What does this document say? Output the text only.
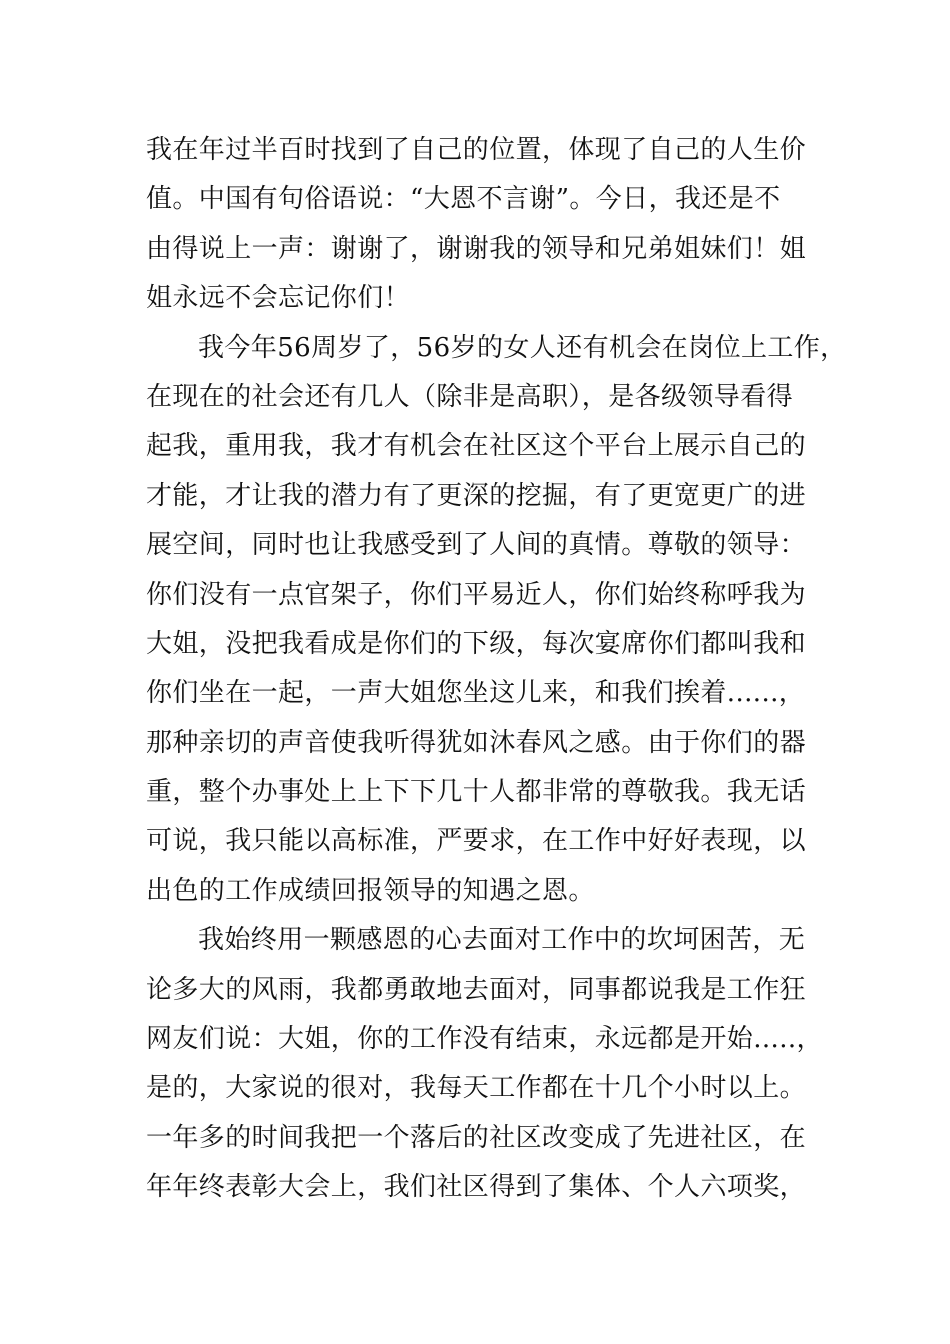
我在年过半百时找到了自己的位置，体现了自己的人生价
值。中国有句俗语说：“大恩不言谢”。今日，我还是不
由得说上一声：谢谢了，谢谢我的领导和兄弟姐妹们！姐
姐永远不会忘记你们！
我今年56周岁了，56岁的女人还有机会在岗位上工作，
在现在的社会还有几人（除非是高职），是各级领导看得
起我，重用我，我才有机会在社区这个平台上展示自己的
才能，才让我的潜力有了更深的挖掘，有了更宽更广的进
展空间，同时也让我感受到了人间的真情。尊敬的领导：
你们没有一点官架子，你们平易近人，你们始终称呼我为
大姐，没把我看成是你们的下级，每次宴席你们都叫我和
你们坐在一起，一声大姐您坐这儿来，和我们挨着......，
那种亲切的声音使我听得犹如沐春风之感。由于你们的器
重，整个办事处上上下下几十人都非常的尊敬我。我无话
可说，我只能以高标准，严要求，在工作中好好表现，以
出色的工作成绩回报领导的知遇之恩。
我始终用一颗感恩的心去面对工作中的坎坷困苦，无
论多大的风雨，我都勇敢地去面对，同事都说我是工作狂
网友们说：大姐，你的工作没有结束，永远都是开始.....，
是的，大家说的很对，我每天工作都在十几个小时以上。
一年多的时间我把一个落后的社区改变成了先进社区，在
年年终表彰大会上，我们社区得到了集体、个人六项奖，
